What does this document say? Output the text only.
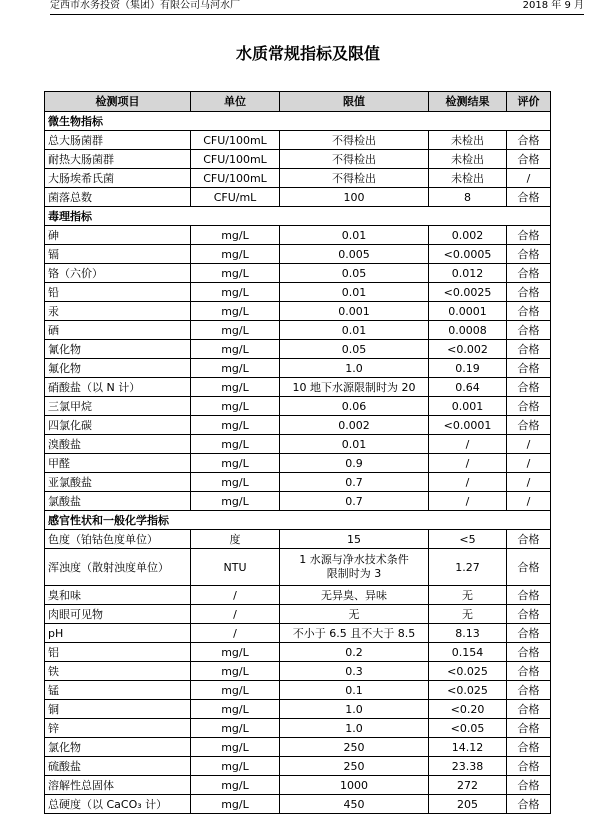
定西市水务投资（集团）有限公司马河水厂	2018 年 9 月
水质常规指标及限值
检测项目	单位	限值	检测结果	评价
微生物指标				
总大肠菌群	CFU/100mL	不得检出	未检出	合格
耐热大肠菌群	CFU/100mL	不得检出	未检出	合格
大肠埃希氏菌	CFU/100mL	不得检出	未检出	/
菌落总数	CFU/mL	100	8	合格
毒理指标				
砷	mg/L	0.01	0.002	合格
镉	mg/L	0.005	<0.0005	合格
铬（六价）	mg/L	0.05	0.012	合格
铅	mg/L	0.01	<0.0025	合格
汞	mg/L	0.001	0.0001	合格
硒	mg/L	0.01	0.0008	合格
氰化物	mg/L	0.05	<0.002	合格
氟化物	mg/L	1.0	0.19	合格
硝酸盐（以 N 计）	mg/L	10 地下水源限制时为 20	0.64	合格
三氯甲烷	mg/L	0.06	0.001	合格
四氯化碳	mg/L	0.002	<0.0001	合格
溴酸盐	mg/L	0.01	/	/
甲醛	mg/L	0.9	/	/
亚氯酸盐	mg/L	0.7	/	/
氯酸盐	mg/L	0.7	/	/
感官性状和一般化学指标				
色度（铂钴色度单位）	度	15	<5	合格
浑浊度（散射浊度单位）	NTU	1 水源与净水技术条件
限制时为 3	1.27	合格
臭和味	/	无异臭、异味	无	合格
肉眼可见物	/	无	无	合格
pH	/	不小于 6.5 且不大于 8.5	8.13	合格
铝	mg/L	0.2	0.154	合格
铁	mg/L	0.3	<0.025	合格
锰	mg/L	0.1	<0.025	合格
铜	mg/L	1.0	<0.20	合格
锌	mg/L	1.0	<0.05	合格
氯化物	mg/L	250	14.12	合格
硫酸盐	mg/L	250	23.38	合格
溶解性总固体	mg/L	1000	272	合格
总硬度（以 CaCO₃ 计）	mg/L	450	205	合格
